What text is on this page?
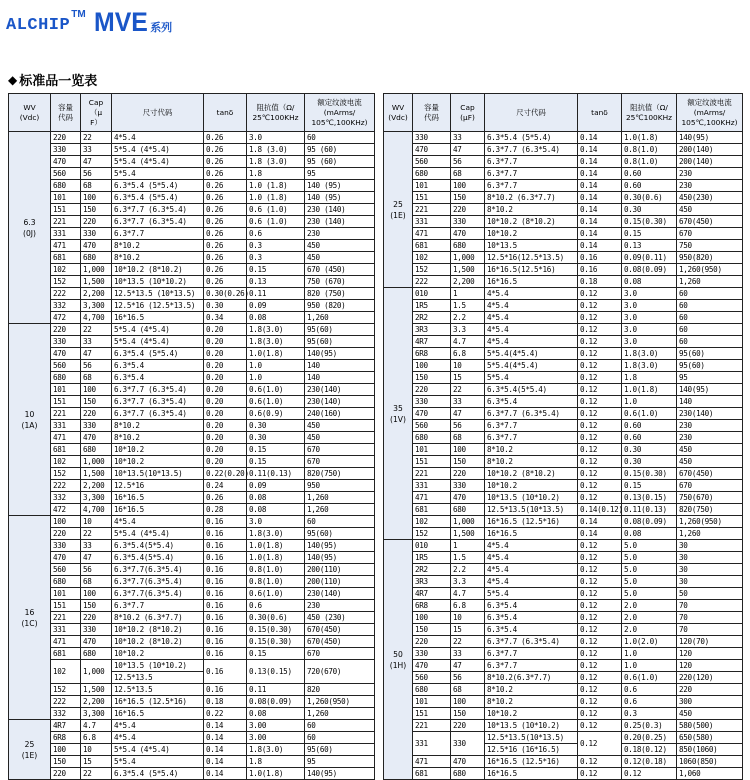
ALCHIP
TM MVE 系列
◆ 标准品一览表
WV
(Vdc)	容量
代码	Cap
（μ
F）	尺寸代码	tanδ	阻抗值（Ω/
25℃100KHz	额定纹波电流
(mArms/
105℃,100KHz)
6.3
(0J)	220	22	4*5.4	0.26	3.0	60
	330	33	5*5.4 (4*5.4)	0.26	1.8 (3.0)	95 (60)
	470	47	5*5.4 (4*5.4)	0.26	1.8 (3.0)	95 (60)
	560	56	5*5.4	0.26	1.8	95
	680	68	6.3*5.4 (5*5.4)	0.26	1.0 (1.8)	140 (95)
	101	100	6.3*5.4 (5*5.4)	0.26	1.0 (1.8)	140 (95)
	151	150	6.3*7.7 (6.3*5.4)	0.26	0.6 (1.0)	230 (140)
	221	220	6.3*7.7 (6.3*5.4)	0.26	0.6 (1.0)	230 (140)
	331	330	6.3*7.7	0.26	0.6	230
	471	470	8*10.2	0.26	0.3	450
	681	680	8*10.2	0.26	0.3	450
	102	1,000	10*10.2 (8*10.2)	0.26	0.15	670 (450)
	152	1,500	10*13.5 (10*10.2)	0.26	0.13	750 (670)
	222	2,200	12.5*13.5 (10*13.5)	0.30(0.26)	0.11	820 (750)
	332	3,300	12.5*16 (12.5*13.5)	0.30	0.09	950 (820)
	472	4,700	16*16.5	0.34	0.08	1,260
10
(1A)	220	22	5*5.4 (4*5.4)	0.20	1.8(3.0)	95(60)
	330	33	5*5.4 (4*5.4)	0.20	1.8(3.0)	95(60)
	470	47	6.3*5.4 (5*5.4)	0.20	1.0(1.8)	140(95)
	560	56	6.3*5.4	0.20	1.0	140
	680	68	6.3*5.4	0.20	1.0	140
	101	100	6.3*7.7 (6.3*5.4)	0.20	0.6(1.0)	230(140)
	151	150	6.3*7.7 (6.3*5.4)	0.20	0.6(1.0)	230(140)
	221	220	6.3*7.7 (6.3*5.4)	0.20	0.6(0.9)	240(160)
	331	330	8*10.2	0.20	0.30	450
	471	470	8*10.2	0.20	0.30	450
	681	680	10*10.2	0.20	0.15	670
	102	1,000	10*10.2	0.20	0.15	670
	152	1,500	10*13.5(10*13.5)	0.22(0.20)	0.11(0.13)	820(750)
	222	2,200	12.5*16	0.24	0.09	950
	332	3,300	16*16.5	0.26	0.08	1,260
	472	4,700	16*16.5	0.28	0.08	1,260
16
(1C)	100	10	4*5.4	0.16	3.0	60
	220	22	5*5.4 (4*5.4)	0.16	1.8(3.0)	95(60)
	330	33	6.3*5.4(5*5.4)	0.16	1.0(1.8)	140(95)
	470	47	6.3*5.4(5*5.4)	0.16	1.0(1.8)	140(95)
	560	56	6.3*7.7(6.3*5.4)	0.16	0.8(1.0)	200(110)
	680	68	6.3*7.7(6.3*5.4)	0.16	0.8(1.0)	200(110)
	101	100	6.3*7.7(6.3*5.4)	0.16	0.6(1.0)	230(140)
	151	150	6.3*7.7	0.16	0.6	230
	221	220	8*10.2 (6.3*7.7)	0.16	0.30(0.6)	450 (230)
	331	330	10*10.2 (8*10.2)	0.16	0.15(0.30)	670(450)
	471	470	10*10.2 (8*10.2)	0.16	0.15(0.30)	670(450)
	681	680	10*10.2	0.16	0.15	670
	102	1,000	10*13.5 (10*10.2)	0.16	0.13(0.15)	720(670)
			12.5*13.5			
	152	1,500	12.5*13.5	0.16	0.11	820
	222	2,200	16*16.5 (12.5*16)	0.18	0.08(0.09)	1,260(950)
	332	3,300	16*16.5	0.22	0.08	1,260
25
(1E)	4R7	4.7	4*5.4	0.14	3.00	60
	6R8	6.8	4*5.4	0.14	3.00	60
	100	10	5*5.4 (4*5.4)	0.14	1.8(3.0)	95(60)
	150	15	5*5.4	0.14	1.8	95
	220	22	6.3*5.4 (5*5.4)	0.14	1.0(1.8)	140(95)
WV
(Vdc)	容量
代码	Cap
(μF)	尺寸代码	tanδ	阻抗值（Ω/
25℃100KHz	额定纹波电流
(mArms/
105℃,100KHz)
25
(1E)	330	33	6.3*5.4 (5*5.4)	0.14	1.0(1.8)	140(95)
	470	47	6.3*7.7 (6.3*5.4)	0.14	0.8(1.0)	200(140)
	560	56	6.3*7.7	0.14	0.8(1.0)	200(140)
	680	68	6.3*7.7	0.14	0.60	230
	101	100	6.3*7.7	0.14	0.60	230
	151	150	8*10.2 (6.3*7.7)	0.14	0.30(0.6)	450(230)
	221	220	8*10.2	0.14	0.30	450
	331	330	10*10.2 (8*10.2)	0.14	0.15(0.30)	670(450)
	471	470	10*10.2	0.14	0.15	670
	681	680	10*13.5	0.14	0.13	750
	102	1,000	12.5*16(12.5*13.5)	0.16	0.09(0.11)	950(820)
	152	1,500	16*16.5(12.5*16)	0.16	0.08(0.09)	1,260(950)
	222	2,200	16*16.5	0.18	0.08	1,260
35
(1V)	010	1	4*5.4	0.12	3.0	60
	1R5	1.5	4*5.4	0.12	3.0	60
	2R2	2.2	4*5.4	0.12	3.0	60
	3R3	3.3	4*5.4	0.12	3.0	60
	4R7	4.7	4*5.4	0.12	3.0	60
	6R8	6.8	5*5.4(4*5.4)	0.12	1.8(3.0)	95(60)
	100	10	5*5.4(4*5.4)	0.12	1.8(3.0)	95(60)
	150	15	5*5.4	0.12	1.8	95
	220	22	6.3*5.4(5*5.4)	0.12	1.0(1.8)	140(95)
	330	33	6.3*5.4	0.12	1.0	140
	470	47	6.3*7.7 (6.3*5.4)	0.12	0.6(1.0)	230(140)
	560	56	6.3*7.7	0.12	0.60	230
	680	68	6.3*7.7	0.12	0.60	230
	101	100	8*10.2	0.12	0.30	450
	151	150	8*10.2	0.12	0.30	450
	221	220	10*10.2 (8*10.2)	0.12	0.15(0.30)	670(450)
	331	330	10*10.2	0.12	0.15	670
	471	470	10*13.5 (10*10.2)	0.12	0.13(0.15)	750(670)
	681	680	12.5*13.5(10*13.5)	0.14(0.12)	0.11(0.13)	820(750)
	102	1,000	16*16.5 (12.5*16)	0.14	0.08(0.09)	1,260(950)
	152	1,500	16*16.5	0.14	0.08	1,260
50
(1H)	010	1	4*5.4	0.12	5.0	30
	1R5	1.5	4*5.4	0.12	5.0	30
	2R2	2.2	4*5.4	0.12	5.0	30
	3R3	3.3	4*5.4	0.12	5.0	30
	4R7	4.7	5*5.4	0.12	5.0	50
	6R8	6.8	6.3*5.4	0.12	2.0	70
	100	10	6.3*5.4	0.12	2.0	70
	150	15	6.3*5.4	0.12	2.0	70
	220	22	6.3*7.7 (6.3*5.4)	0.12	1.0(2.0)	120(70)
	330	33	6.3*7.7	0.12	1.0	120
	470	47	6.3*7.7	0.12	1.0	120
	560	56	8*10.2(6.3*7.7)	0.12	0.6(1.0)	220(120)
	680	68	8*10.2	0.12	0.6	220
	101	100	8*10.2	0.12	0.6	300
	151	150	10*10.2	0.12	0.3	450
	221	220	10*13.5 (10*10.2)	0.12	0.25(0.3)	580(500)
	331	330	12.5*13.5(10*13.5)	0.12	0.20(0.25)	650(580)
			12.5*16 (16*16.5)		0.18(0.12)	850(1060)
	471	470	16*16.5 (12.5*16)	0.12	0.12(0.18)	1060(850)
	681	680	16*16.5	0.12	0.12	1,060
